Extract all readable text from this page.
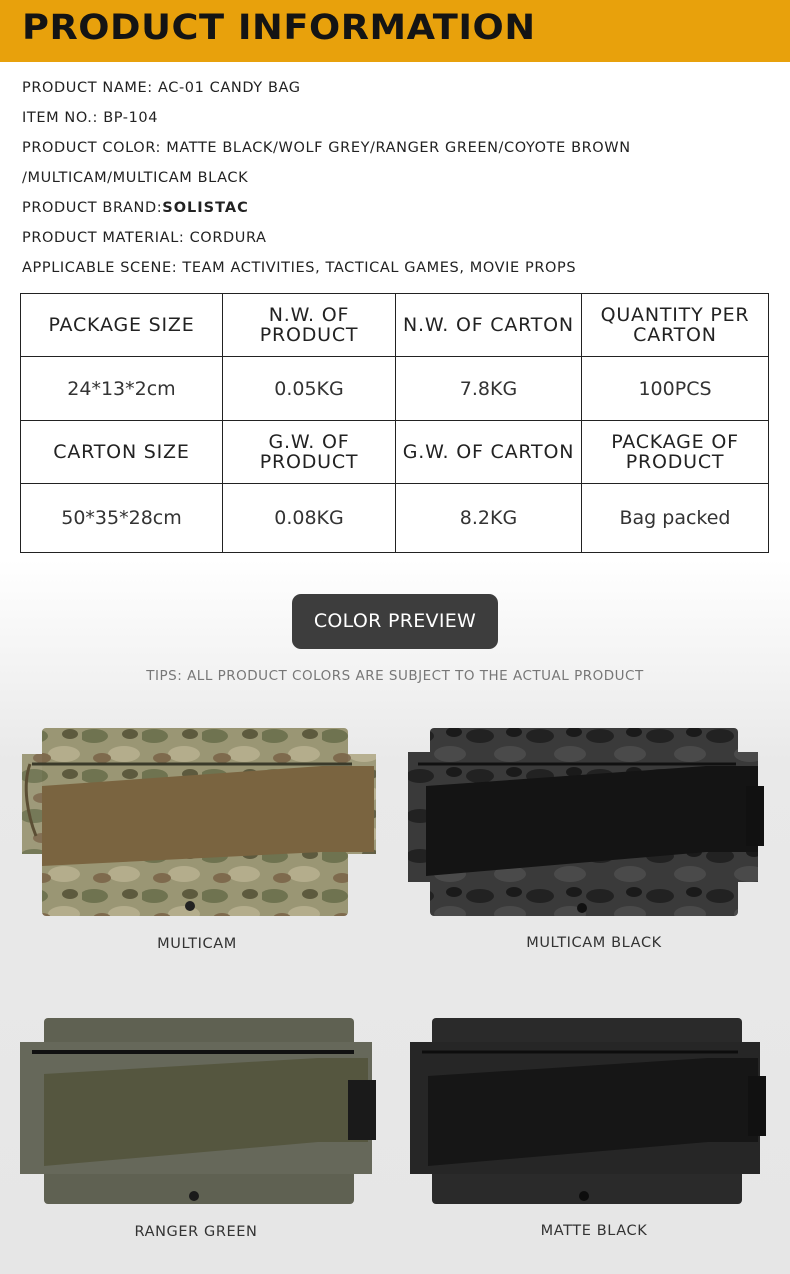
PRODUCT INFORMATION
PRODUCT NAME: AC-01 CANDY BAG
ITEM NO.: BP-104
PRODUCT COLOR: MATTE BLACK/WOLF GREY/RANGER GREEN/COYOTE BROWN
/MULTICAM/MULTICAM BLACK
PRODUCT BRAND:SOLISTAC
PRODUCT MATERIAL: CORDURA
APPLICABLE SCENE: TEAM ACTIVITIES, TACTICAL GAMES, MOVIE PROPS
PACKAGE SIZE	N.W. OF PRODUCT	N.W. OF CARTON	QUANTITY PER CARTON
24*13*2cm	0.05KG	7.8KG	100PCS
CARTON SIZE	G.W. OF PRODUCT	G.W. OF CARTON	PACKAGE OF PRODUCT
50*35*28cm	0.08KG	8.2KG	Bag packed
COLOR PREVIEW
TIPS: ALL PRODUCT COLORS ARE SUBJECT TO THE ACTUAL PRODUCT
MULTICAM	MULTICAM BLACK
RANGER GREEN	MATTE BLACK
